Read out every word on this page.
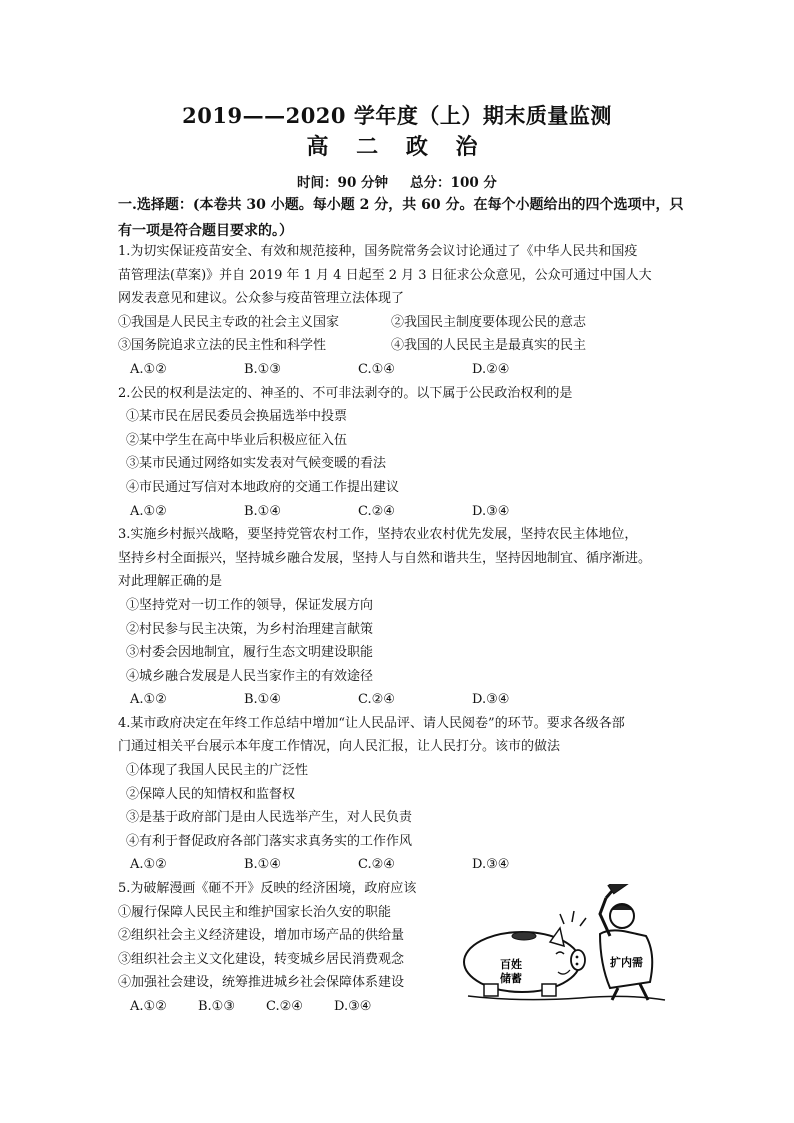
2019——2020 学年度（上）期末质量监测
高 二 政 治
时间：90 分钟 总分：100 分
一.选择题：(本卷共 30 小题。每小题 2 分，共 60 分。在每个小题给出的四个选项中，只有一项是符合题目要求的。）
1.为切实保证疫苗安全、有效和规范接种，国务院常务会议讨论通过了《中华人民共和国疫
苗管理法(草案)》并自 2019 年 1 月 4 日起至 2 月 3 日征求公众意见，公众可通过中国人大
网发表意见和建议。公众参与疫苗管理立法体现了
①我国是人民民主专政的社会主义国家	②我国民主制度要体现公民的意志
③国务院追求立法的民主性和科学性	④我国的人民民主是最真实的民主
A.①②	B.①③	C.①④	D.②④
2.公民的权利是法定的、神圣的、不可非法剥夺的。以下属于公民政治权利的是
①某市民在居民委员会换届选举中投票
②某中学生在高中毕业后积极应征入伍
③某市民通过网络如实发表对气候变暖的看法
④市民通过写信对本地政府的交通工作提出建议
A.①②	B.①④	C.②④	D.③④
3.实施乡村振兴战略，要坚持党管农村工作，坚持农业农村优先发展，坚持农民主体地位，
坚持乡村全面振兴，坚持城乡融合发展，坚持人与自然和谐共生，坚持因地制宜、循序渐进。
对此理解正确的是
①坚持党对一切工作的领导，保证发展方向
②村民参与民主决策，为乡村治理建言献策
③村委会因地制宜，履行生态文明建设职能
④城乡融合发展是人民当家作主的有效途径
A.①②	B.①④	C.②④	D.③④
4.某市政府决定在年终工作总结中增加“让人民品评、请人民阅卷”的环节。要求各级各部
门通过相关平台展示本年度工作情况，向人民汇报，让人民打分。该市的做法
①体现了我国人民民主的广泛性
②保障人民的知情权和监督权
③是基于政府部门是由人民选举产生，对人民负责
④有利于督促政府各部门落实求真务实的工作作风
A.①②	B.①④	C.②④	D.③④
5.为破解漫画《砸不开》反映的经济困境，政府应该
①履行保障人民民主和维护国家长治久安的职能
②组织社会主义经济建设，增加市场产品的供给量
③组织社会主义文化建设，转变城乡居民消费观念
④加强社会建设，统筹推进城乡社会保障体系建设
A.①②	B.①③	C.②④	D.③④
百姓
储蓄
扩内需
